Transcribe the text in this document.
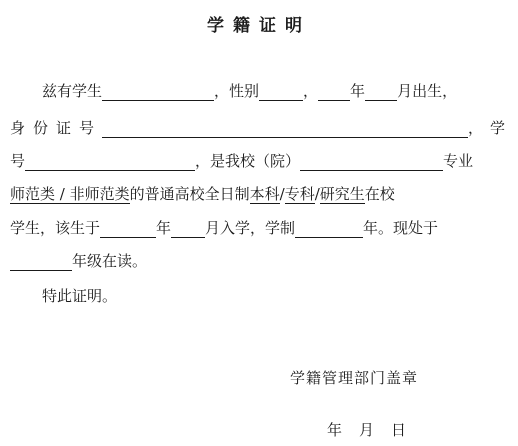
学籍证明
兹有学生	，性别	， 年 月出生，
身份证号	， 学
号	，是我校（院）	专业
师范类 / 非师范类的普通高校全日制本科/专科/研究生在校
学生，该生于	年 月入学，学制	年。现处于
年级在读。
特此证明。
学籍管理部门盖章
年　月　日
